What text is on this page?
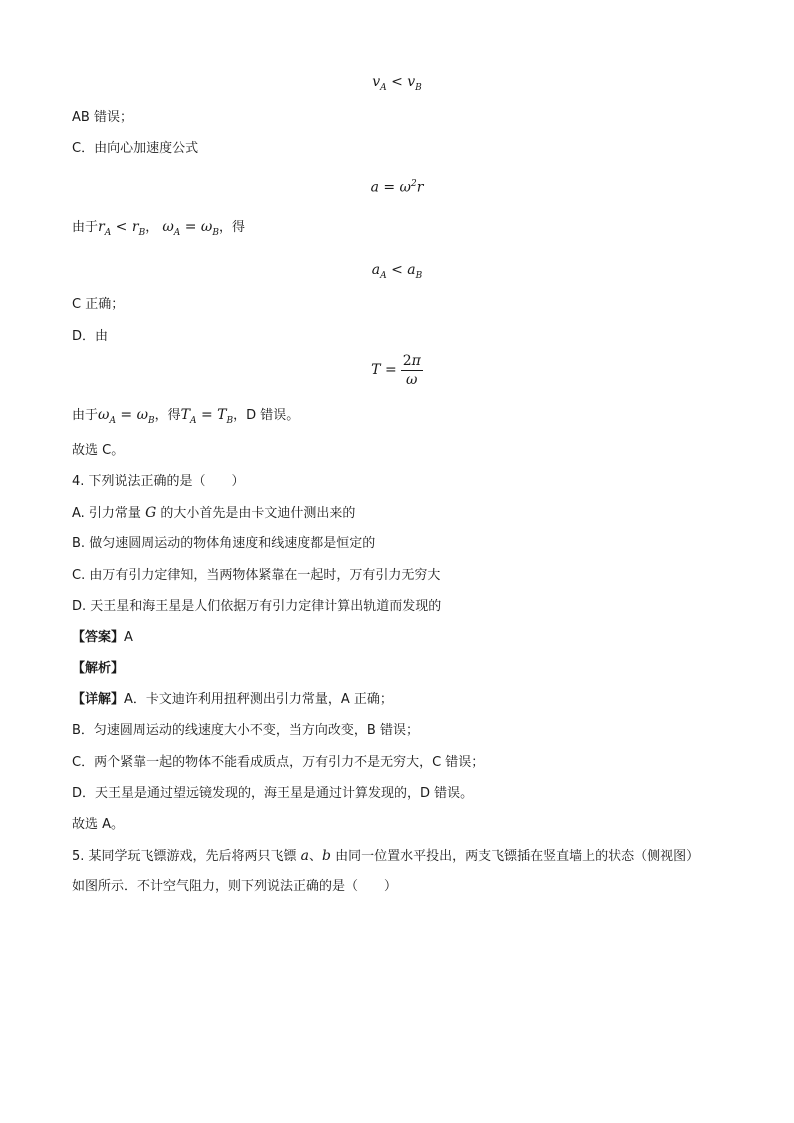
$v_A < v_B$
AB 错误；
C．由向心加速度公式
$a = \omega^2r$
由于$r_A < r_B$， $\omega_A = \omega_B$，得
$a_A < a_B$
C 正确；
D．由
$T = \frac{2\pi}{\omega}$
由于$\omega_A = \omega_B$，得$T_A = T_B$，D 错误。
故选 C。
4. 下列说法正确的是（　　）
A. 引力常量 G 的大小首先是由卡文迪什测出来的
B. 做匀速圆周运动的物体角速度和线速度都是恒定的
C. 由万有引力定律知，当两物体紧靠在一起时，万有引力无穷大
D. 天王星和海王星是人们依据万有引力定律计算出轨道而发现的
【答案】A
【解析】
【详解】A．卡文迪许利用扭秤测出引力常量，A 正确；
B．匀速圆周运动的线速度大小不变，当方向改变，B 错误；
C．两个紧靠一起的物体不能看成质点，万有引力不是无穷大，C 错误；
D．天王星是通过望远镜发现的，海王星是通过计算发现的，D 错误。
故选 A。
5. 某同学玩飞镖游戏，先后将两只飞镖 a、b 由同一位置水平投出，两支飞镖插在竖直墙上的状态（侧视图）
如图所示．不计空气阻力，则下列说法正确的是（　　）
